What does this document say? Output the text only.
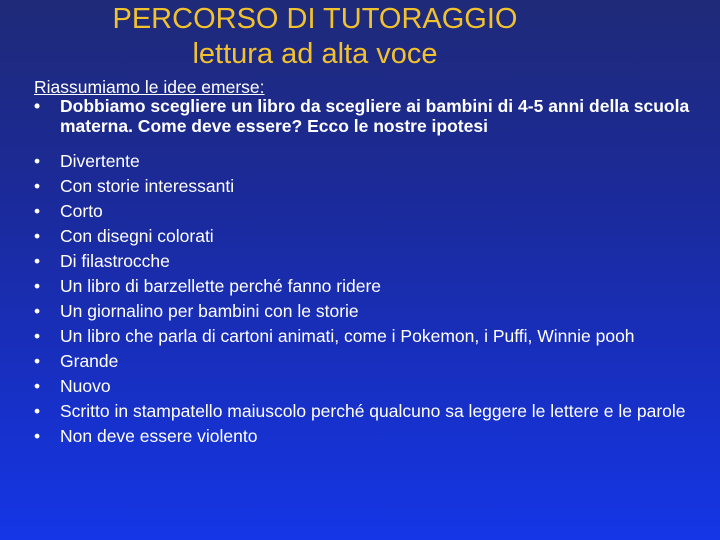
PERCORSO DI TUTORAGGIO
lettura ad alta voce
Riassumiamo le idee emerse:
•	Dobbiamo scegliere un libro da scegliere ai bambini di 4-5 anni della scuola materna. Come deve essere? Ecco le nostre ipotesi
•	Divertente
•	Con storie interessanti
•	Corto
•	Con disegni colorati
•	Di filastrocche
•	Un libro di barzellette perché fanno ridere
•	Un giornalino per bambini con le storie
•	Un libro che parla di cartoni animati, come i Pokemon, i Puffi, Winnie pooh
•	Grande
•	Nuovo
•	Scritto in stampatello maiuscolo perché qualcuno sa leggere le lettere e le parole
•	Non deve essere violento
